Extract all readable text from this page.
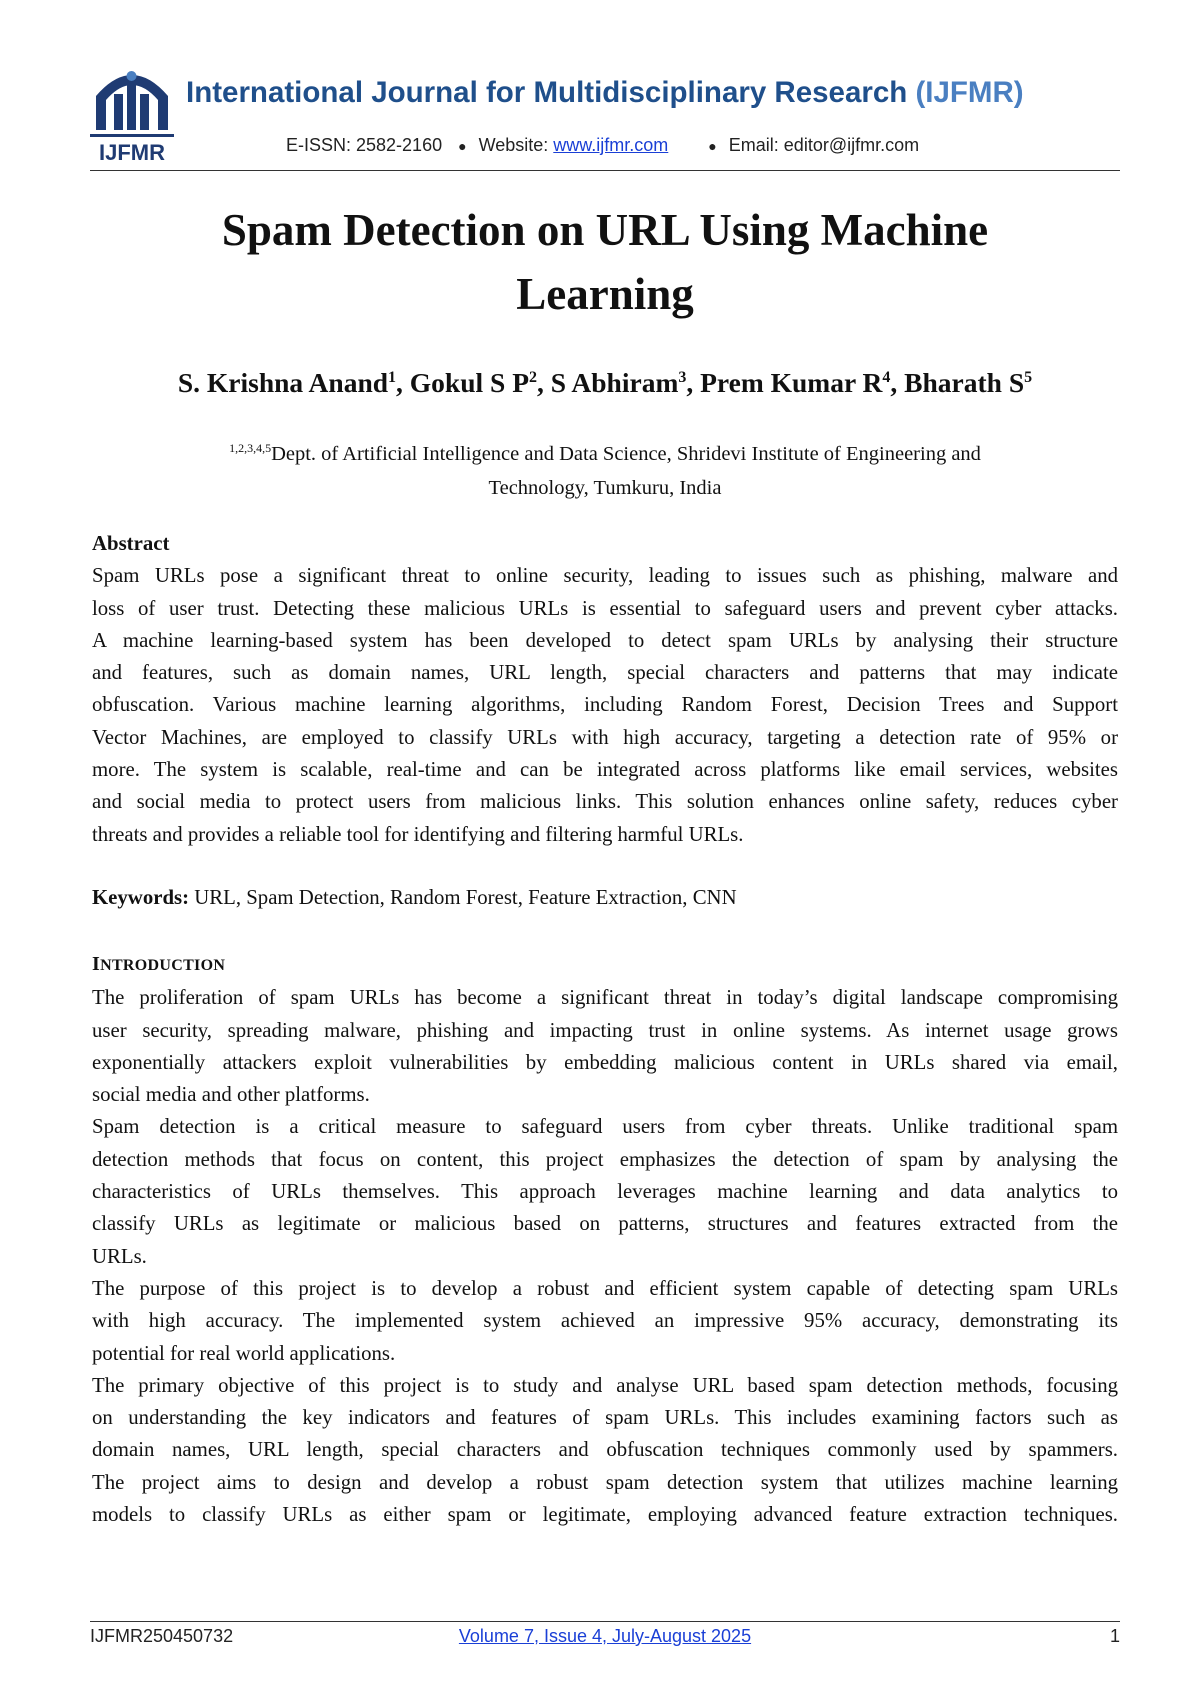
IJFMR
International Journal for Multidisciplinary Research (IJFMR)
E-ISSN: 2582-2160 ● Website: www.ijfmr.com	● Email: editor@ijfmr.com
Spam Detection on URL Using Machine
Learning
S. Krishna Anand$^1$, Gokul S $P^2$, S Abhiram$^3$, Prem Kumar $R^4$, Bharath $S^5$
$^{1,2,3,4,5}$Dept. of Artificial Intelligence and Data Science, Shridevi Institute of Engineering and
Technology, Tumkuru, India
Abstract
Spam URLs pose a significant threat to online security, leading to issues such as phishing, malware and
loss of user trust. Detecting these malicious URLs is essential to safeguard users and prevent cyber attacks.
A machine learning-based system has been developed to detect spam URLs by analysing their structure
and features, such as domain names, URL length, special characters and patterns that may indicate
obfuscation. Various machine learning algorithms, including Random Forest, Decision Trees and Support
Vector Machines, are employed to classify URLs with high accuracy, targeting a detection rate of 95% or
more. The system is scalable, real-time and can be integrated across platforms like email services, websites
and social media to protect users from malicious links. This solution enhances online safety, reduces cyber
threats and provides a reliable tool for identifying and filtering harmful URLs.
Keywords: URL, Spam Detection, Random Forest, Feature Extraction, CNN
INTRODUCTION
The proliferation of spam URLs has become a significant threat in today’s digital landscape compromising
user security, spreading malware, phishing and impacting trust in online systems. As internet usage grows
exponentially attackers exploit vulnerabilities by embedding malicious content in URLs shared via email,
social media and other platforms.
Spam detection is a critical measure to safeguard users from cyber threats. Unlike traditional spam
detection methods that focus on content, this project emphasizes the detection of spam by analysing the
characteristics of URLs themselves. This approach leverages machine learning and data analytics to
classify URLs as legitimate or malicious based on patterns, structures and features extracted from the
URLs.
The purpose of this project is to develop a robust and efficient system capable of detecting spam URLs
with high accuracy. The implemented system achieved an impressive 95% accuracy, demonstrating its
potential for real world applications.
The primary objective of this project is to study and analyse URL based spam detection methods, focusing
on understanding the key indicators and features of spam URLs. This includes examining factors such as
domain names, URL length, special characters and obfuscation techniques commonly used by spammers.
The project aims to design and develop a robust spam detection system that utilizes machine learning
models to classify URLs as either spam or legitimate, employing advanced feature extraction techniques.
IJFMR250450732	Volume 7, Issue 4, July-August 2025	1
